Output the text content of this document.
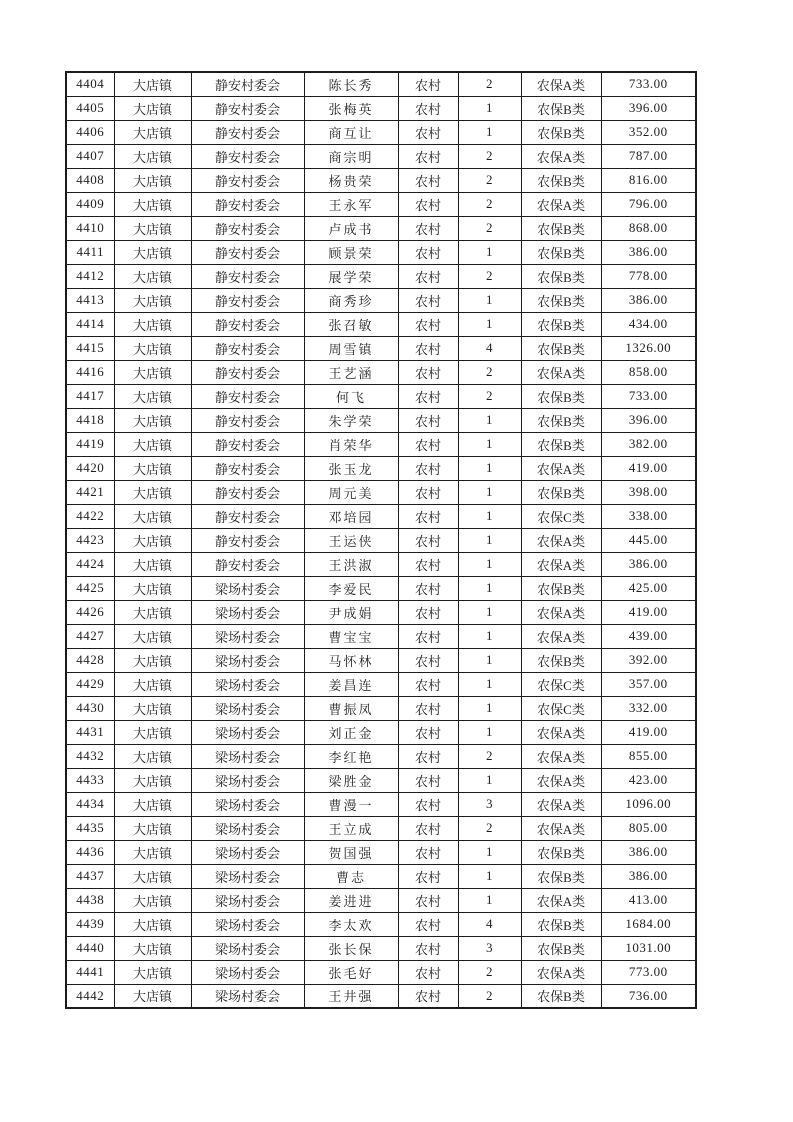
4404	大店镇	静安村委会	陈长秀	农村	2	农保A类	733.00
4405	大店镇	静安村委会	张梅英	农村	1	农保B类	396.00
4406	大店镇	静安村委会	商互让	农村	1	农保B类	352.00
4407	大店镇	静安村委会	商宗明	农村	2	农保A类	787.00
4408	大店镇	静安村委会	杨贵荣	农村	2	农保B类	816.00
4409	大店镇	静安村委会	王永军	农村	2	农保A类	796.00
4410	大店镇	静安村委会	卢成书	农村	2	农保B类	868.00
4411	大店镇	静安村委会	顾景荣	农村	1	农保B类	386.00
4412	大店镇	静安村委会	展学荣	农村	2	农保B类	778.00
4413	大店镇	静安村委会	商秀珍	农村	1	农保B类	386.00
4414	大店镇	静安村委会	张召敏	农村	1	农保B类	434.00
4415	大店镇	静安村委会	周雪镇	农村	4	农保B类	1326.00
4416	大店镇	静安村委会	王艺涵	农村	2	农保A类	858.00
4417	大店镇	静安村委会	何飞	农村	2	农保B类	733.00
4418	大店镇	静安村委会	朱学荣	农村	1	农保B类	396.00
4419	大店镇	静安村委会	肖荣华	农村	1	农保B类	382.00
4420	大店镇	静安村委会	张玉龙	农村	1	农保A类	419.00
4421	大店镇	静安村委会	周元美	农村	1	农保B类	398.00
4422	大店镇	静安村委会	邓培园	农村	1	农保C类	338.00
4423	大店镇	静安村委会	王运侠	农村	1	农保A类	445.00
4424	大店镇	静安村委会	王洪淑	农村	1	农保A类	386.00
4425	大店镇	梁场村委会	李爱民	农村	1	农保B类	425.00
4426	大店镇	梁场村委会	尹成娟	农村	1	农保A类	419.00
4427	大店镇	梁场村委会	曹宝宝	农村	1	农保A类	439.00
4428	大店镇	梁场村委会	马怀林	农村	1	农保B类	392.00
4429	大店镇	梁场村委会	姜昌连	农村	1	农保C类	357.00
4430	大店镇	梁场村委会	曹振凤	农村	1	农保C类	332.00
4431	大店镇	梁场村委会	刘正金	农村	1	农保A类	419.00
4432	大店镇	梁场村委会	李红艳	农村	2	农保A类	855.00
4433	大店镇	梁场村委会	梁胜金	农村	1	农保A类	423.00
4434	大店镇	梁场村委会	曹漫一	农村	3	农保A类	1096.00
4435	大店镇	梁场村委会	王立成	农村	2	农保A类	805.00
4436	大店镇	梁场村委会	贺国强	农村	1	农保B类	386.00
4437	大店镇	梁场村委会	曹志	农村	1	农保B类	386.00
4438	大店镇	梁场村委会	姜进进	农村	1	农保A类	413.00
4439	大店镇	梁场村委会	李太欢	农村	4	农保B类	1684.00
4440	大店镇	梁场村委会	张长保	农村	3	农保B类	1031.00
4441	大店镇	梁场村委会	张毛好	农村	2	农保A类	773.00
4442	大店镇	梁场村委会	王井强	农村	2	农保B类	736.00
